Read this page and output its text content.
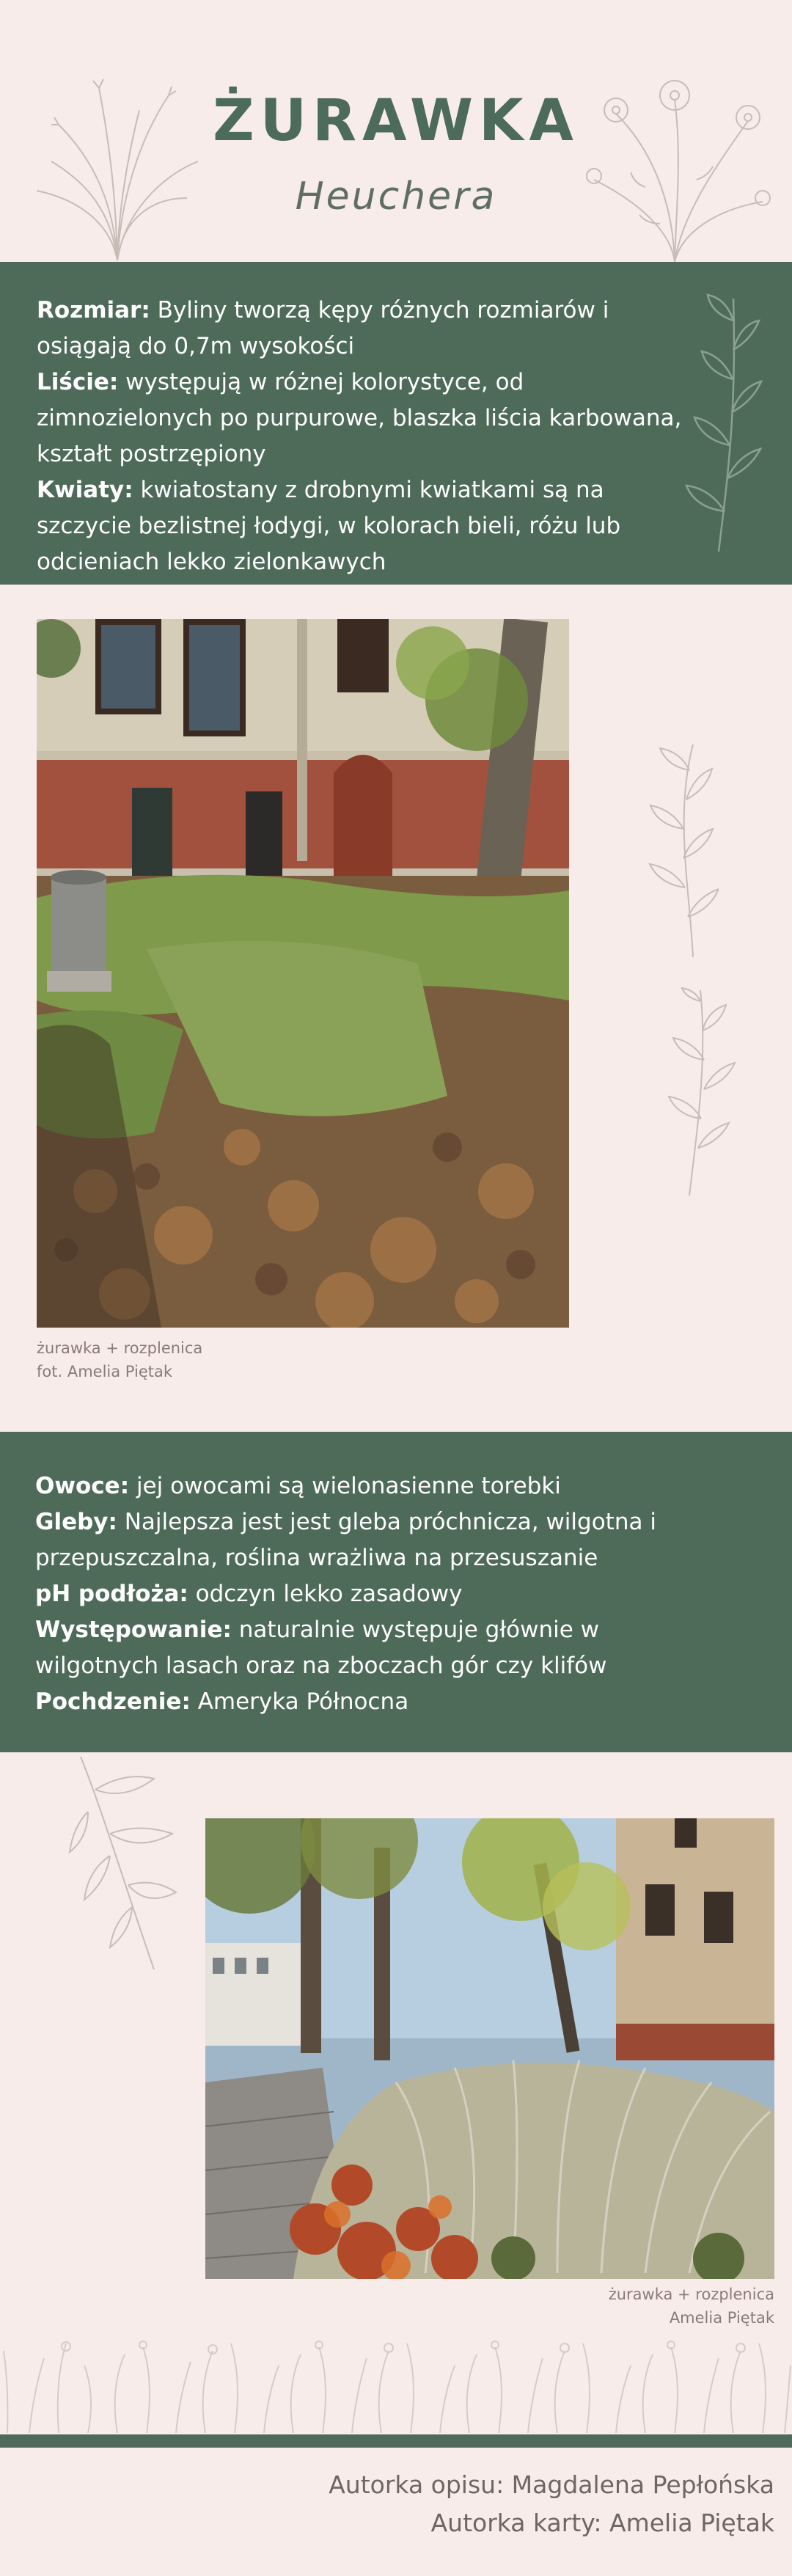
ŻURAWKA
Heuchera
Rozmiar: Byliny tworzą kępy różnych rozmiarów i osiągają do 0,7m wysokości
Liście: występują w różnej kolorystyce, od zimnozielonych po purpurowe, blaszka liścia karbowana, kształt postrzępiony
Kwiaty: kwiatostany z drobnymi kwiatkami są na szczycie bezlistnej łodygi, w kolorach bieli, różu lub odcieniach lekko zielonkawych
żurawka + rozplenica
fot. Amelia Piętak
Owoce: jej owocami są wielonasienne torebki
Gleby: Najlepsza jest jest gleba próchnicza, wilgotna i przepuszczalna, roślina wrażliwa na przesuszanie
pH podłoża: odczyn lekko zasadowy
Występowanie: naturalnie występuje głównie w wilgotnych lasach oraz na zboczach gór czy klifów
Pochdzenie: Ameryka Północna
żurawka + rozplenica
Amelia Piętak
Autorka opisu: Magdalena Pepłońska
Autorka karty: Amelia Piętak
